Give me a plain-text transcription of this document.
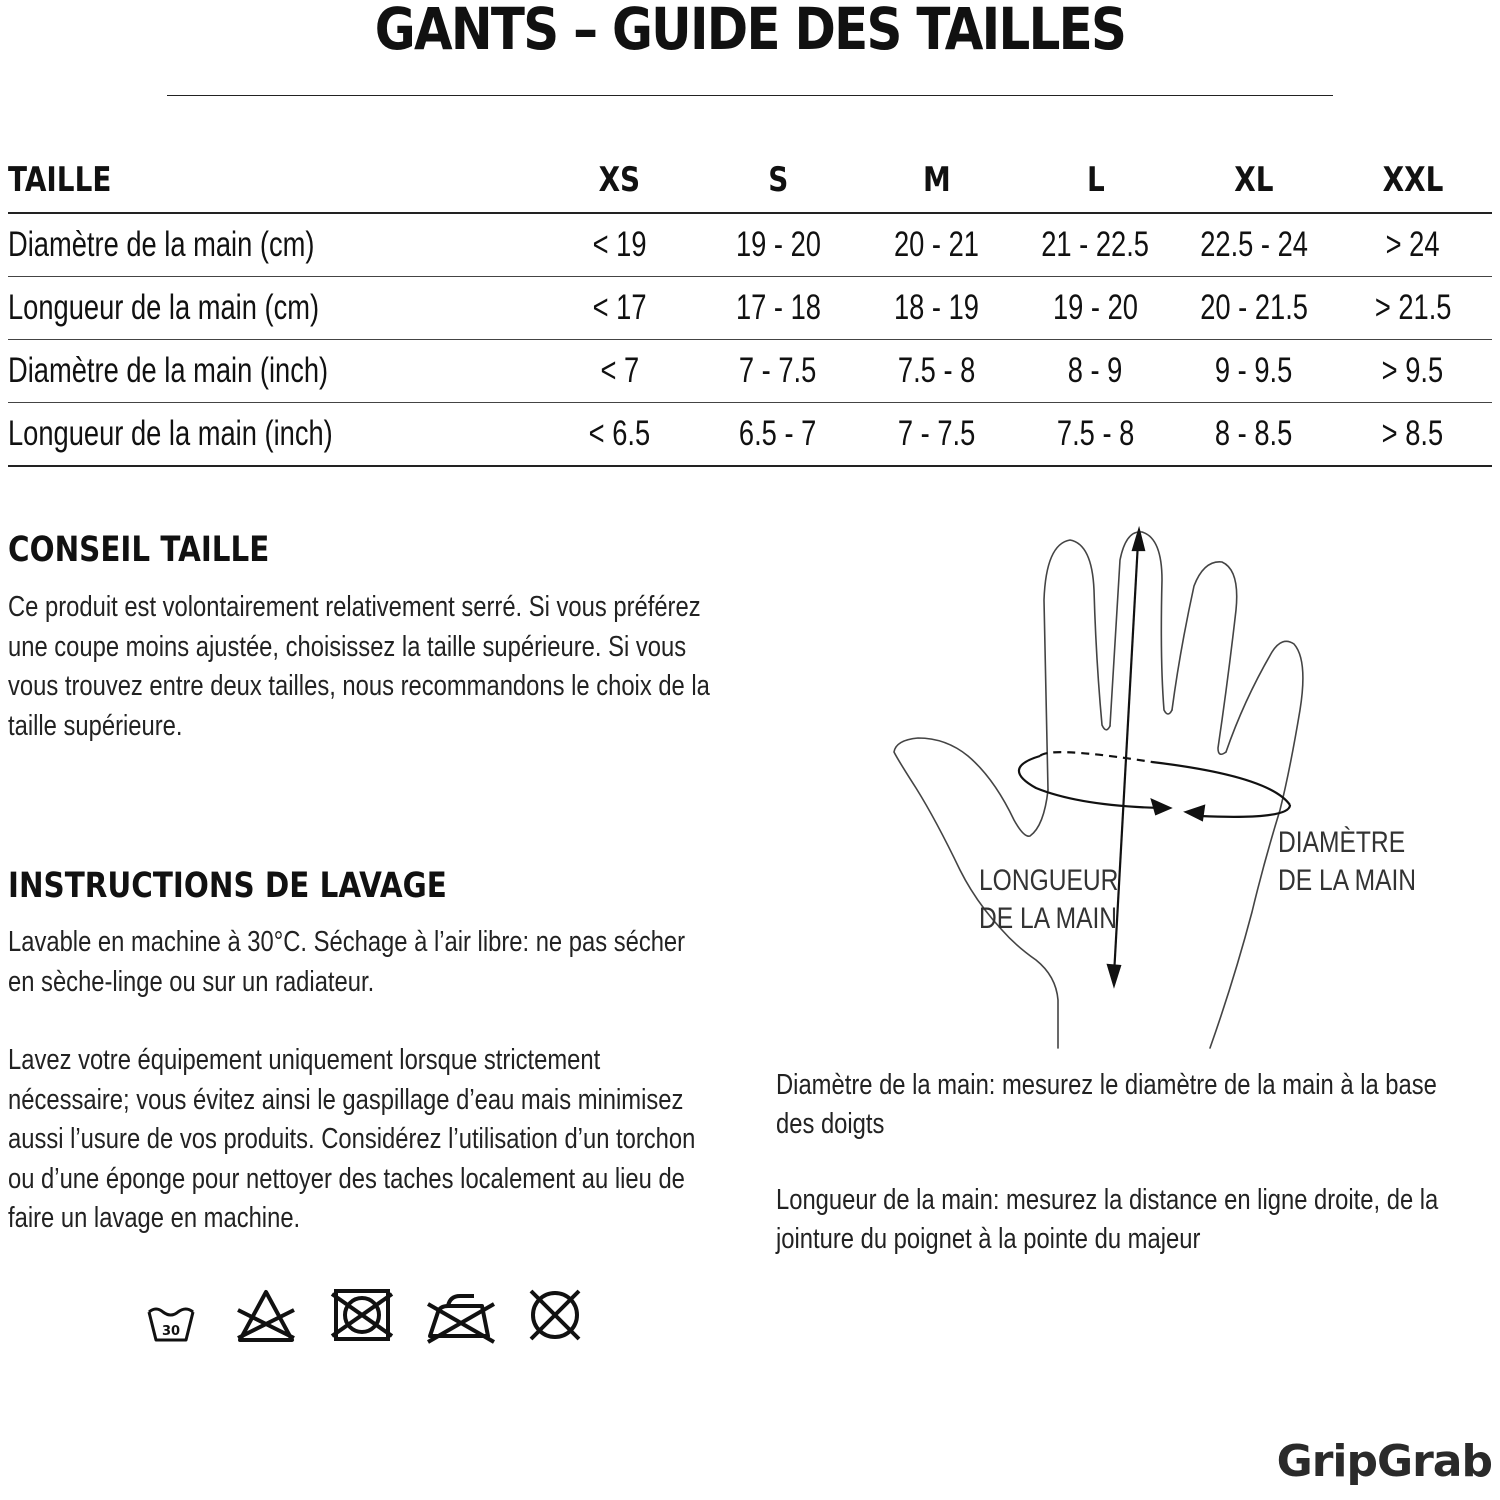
GANTS – GUIDE DES TAILLES
TAILLE	XS	S	M	L	XL	XXL
Diamètre de la main (cm)	< 19	19 - 20	20 - 21	21 - 22.5	22.5 - 24	> 24
Longueur de la main (cm)	< 17	17 - 18	18 - 19	19 - 20	20 - 21.5	> 21.5
Diamètre de la main (inch)	< 7	7 - 7.5	7.5 - 8	8 - 9	9 - 9.5	> 9.5
Longueur de la main (inch)	< 6.5	6.5 - 7	7 - 7.5	7.5 - 8	8 - 8.5	> 8.5
CONSEIL TAILLE
Ce produit est volontairement relativement serré. Si vous préférez une coupe moins ajustée, choisissez la taille supérieure. Si vous vous trouvez entre deux tailles, nous recommandons le choix de la taille supérieure.
INSTRUCTIONS DE LAVAGE
Lavable en machine à 30°C. Séchage à l’air libre: ne pas sécher en sèche-linge ou sur un radiateur.
Lavez votre équipement uniquement lorsque strictement nécessaire; vous évitez ainsi le gaspillage d’eau mais minimisez aussi l’usure de vos produits. Considérez l’utilisation d’un torchon ou d’une éponge pour nettoyer des taches localement au lieu de faire un lavage en machine.
30
LONGUEUR
DE LA MAIN
DIAMÈTRE
DE LA MAIN
Diamètre de la main: mesurez le diamètre de la main à la base des doigts
Longueur de la main: mesurez la distance en ligne droite, de la jointure du poignet à la pointe du majeur
GripGrab
